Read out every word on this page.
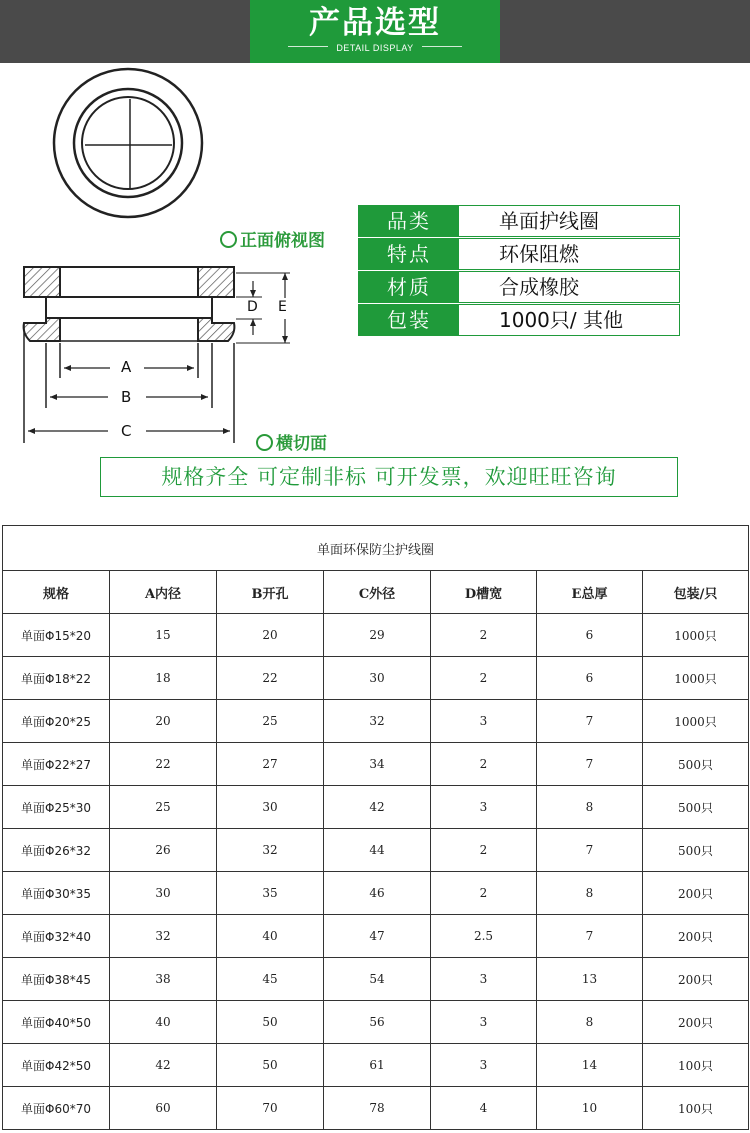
产品选型
DETAIL DISPLAY
A
B
C
D E
正面俯视图
横切面
品类	单面护线圈
特点	环保阻燃
材质	合成橡胶
包装	1000只/ 其他
规格齐全 可定制非标 可开发票，欢迎旺旺咨询
单面环保防尘护线圈						
规格	A内径	B开孔	C外径	D槽宽	E总厚	包装/只
单面Φ15*20	15	20	29	2	6	1000只
单面Φ18*22	18	22	30	2	6	1000只
单面Φ20*25	20	25	32	3	7	1000只
单面Φ22*27	22	27	34	2	7	500只
单面Φ25*30	25	30	42	3	8	500只
单面Φ26*32	26	32	44	2	7	500只
单面Φ30*35	30	35	46	2	8	200只
单面Φ32*40	32	40	47	2.5	7	200只
单面Φ38*45	38	45	54	3	13	200只
单面Φ40*50	40	50	56	3	8	200只
单面Φ42*50	42	50	61	3	14	100只
单面Φ60*70	60	70	78	4	10	100只
